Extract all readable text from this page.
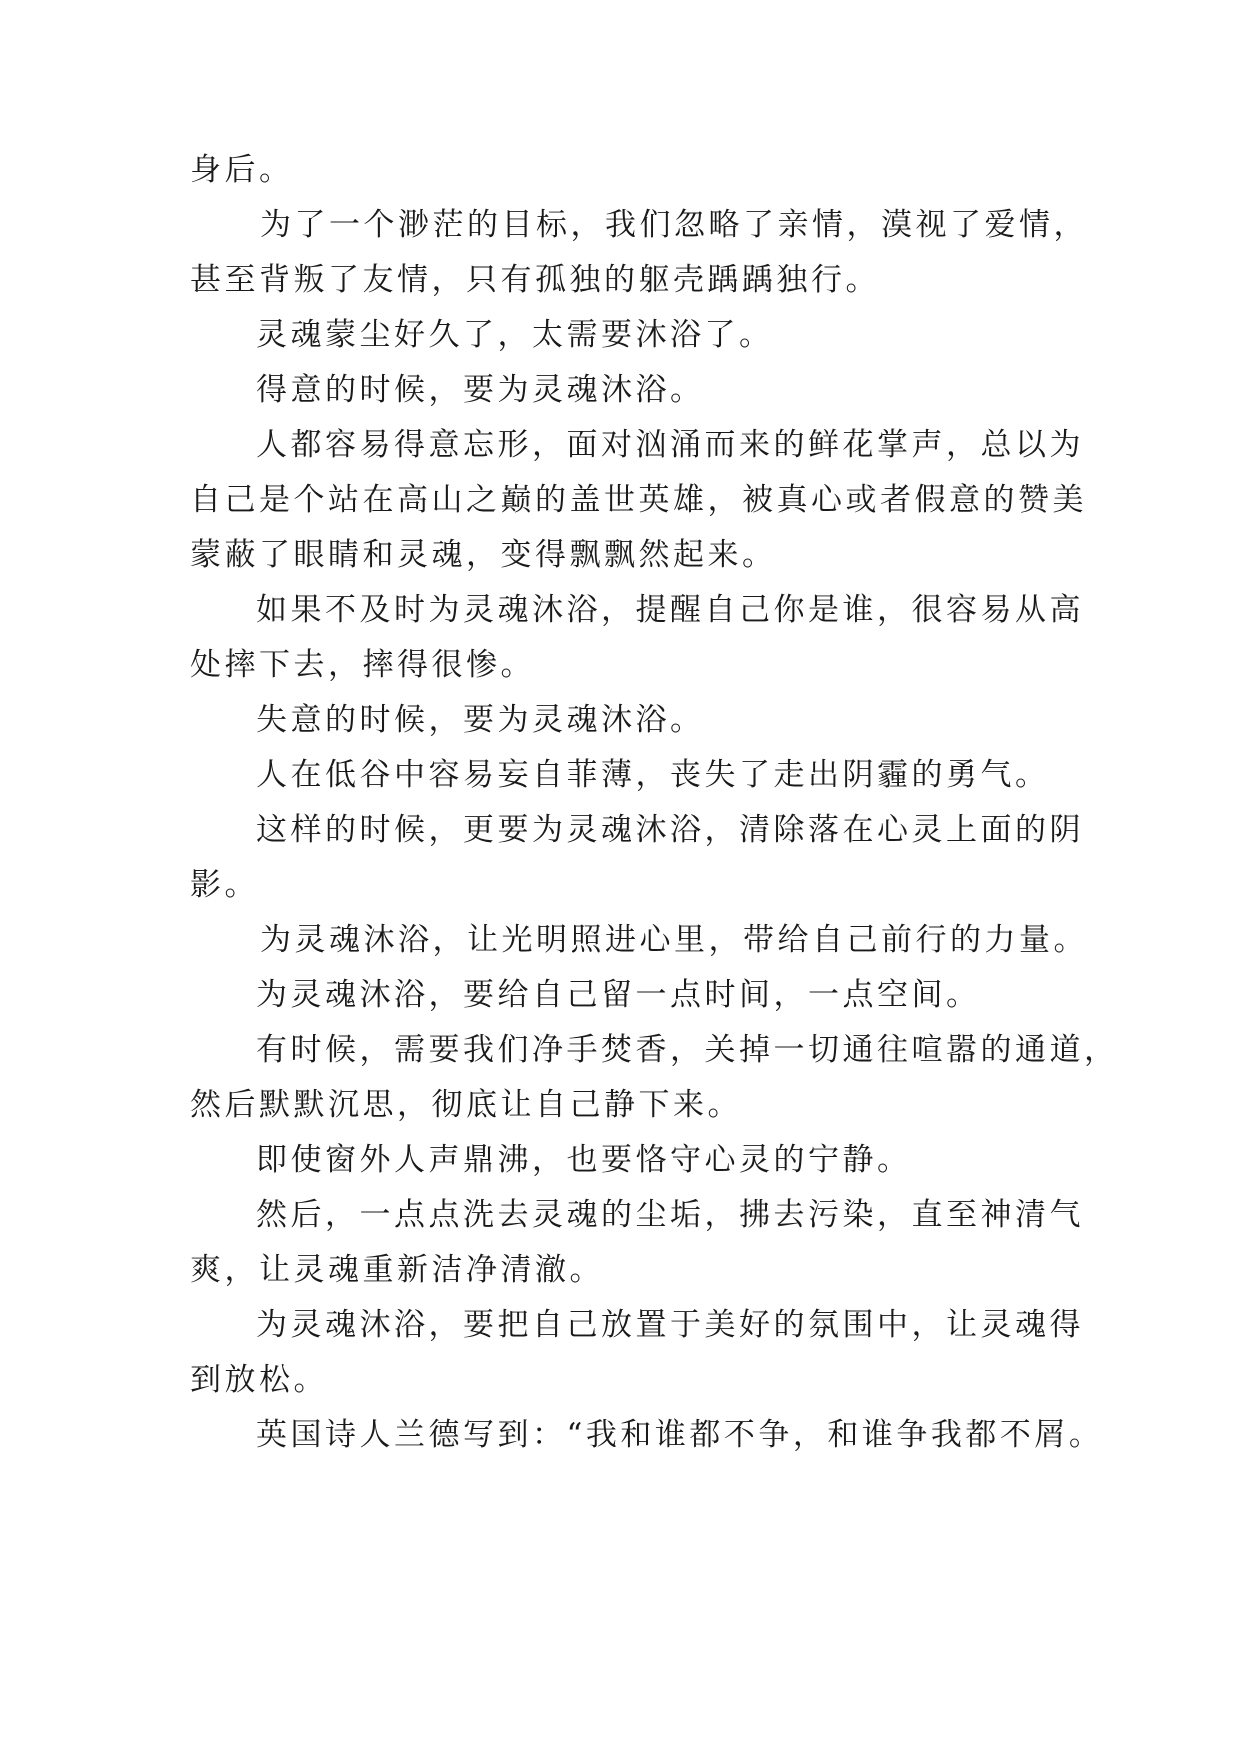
身后。
为了一个渺茫的目标，我们忽略了亲情，漠视了爱情，
甚至背叛了友情，只有孤独的躯壳踽踽独行。
灵魂蒙尘好久了，太需要沐浴了。
得意的时候，要为灵魂沐浴。
人都容易得意忘形，面对汹涌而来的鲜花掌声，总以为
自己是个站在高山之巅的盖世英雄，被真心或者假意的赞美
蒙蔽了眼睛和灵魂，变得飘飘然起来。
如果不及时为灵魂沐浴，提醒自己你是谁，很容易从高
处摔下去，摔得很惨。
失意的时候，要为灵魂沐浴。
人在低谷中容易妄自菲薄，丧失了走出阴霾的勇气。
这样的时候，更要为灵魂沐浴，清除落在心灵上面的阴
影。
为灵魂沐浴，让光明照进心里，带给自己前行的力量。
为灵魂沐浴，要给自己留一点时间，一点空间。
有时候，需要我们净手焚香，关掉一切通往喧嚣的通道，
然后默默沉思，彻底让自己静下来。
即使窗外人声鼎沸，也要恪守心灵的宁静。
然后，一点点洗去灵魂的尘垢，拂去污染，直至神清气
爽，让灵魂重新洁净清澈。
为灵魂沐浴，要把自己放置于美好的氛围中，让灵魂得
到放松。
英国诗人兰德写到：“我和谁都不争，和谁争我都不屑。
